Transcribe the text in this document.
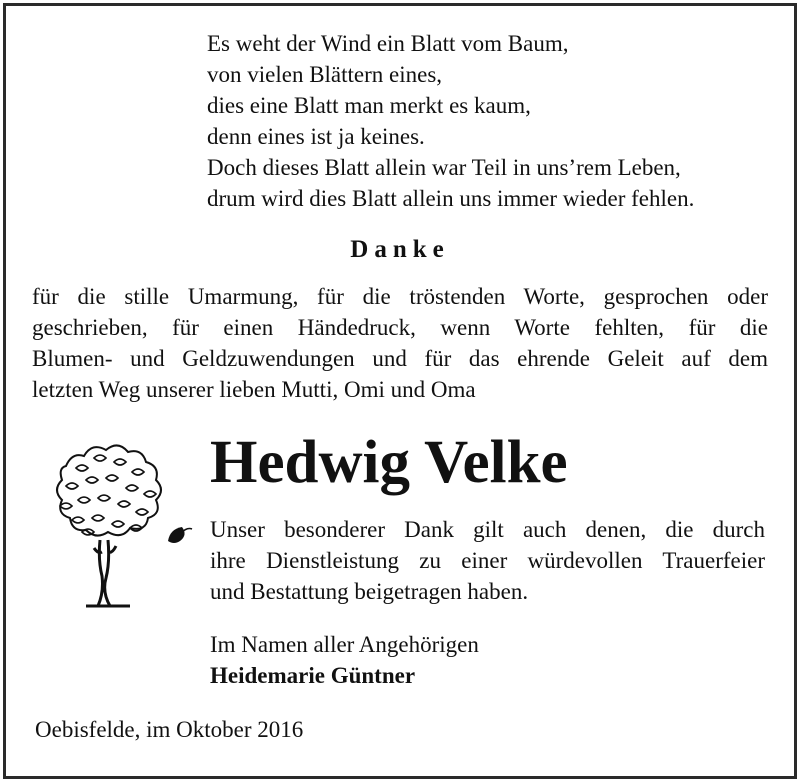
Es weht der Wind ein Blatt vom Baum,
von vielen Blättern eines,
dies eine Blatt man merkt es kaum,
denn eines ist ja keines.
Doch dieses Blatt allein war Teil in uns’rem Leben,
drum wird dies Blatt allein uns immer wieder fehlen.
Danke
für die stille Umarmung, für die tröstenden Worte, gesprochen oder
geschrieben, für einen Händedruck, wenn Worte fehlten, für die
Blumen- und Geldzuwendungen und für das ehrende Geleit auf dem
letzten Weg unserer lieben Mutti, Omi und Oma
Hedwig Velke
Unser besonderer Dank gilt auch denen, die durch
ihre Dienstleistung zu einer würdevollen Trauerfeier
und Bestattung beigetragen haben.
Im Namen aller Angehörigen
Heidemarie Güntner
Oebisfelde, im Oktober 2016
